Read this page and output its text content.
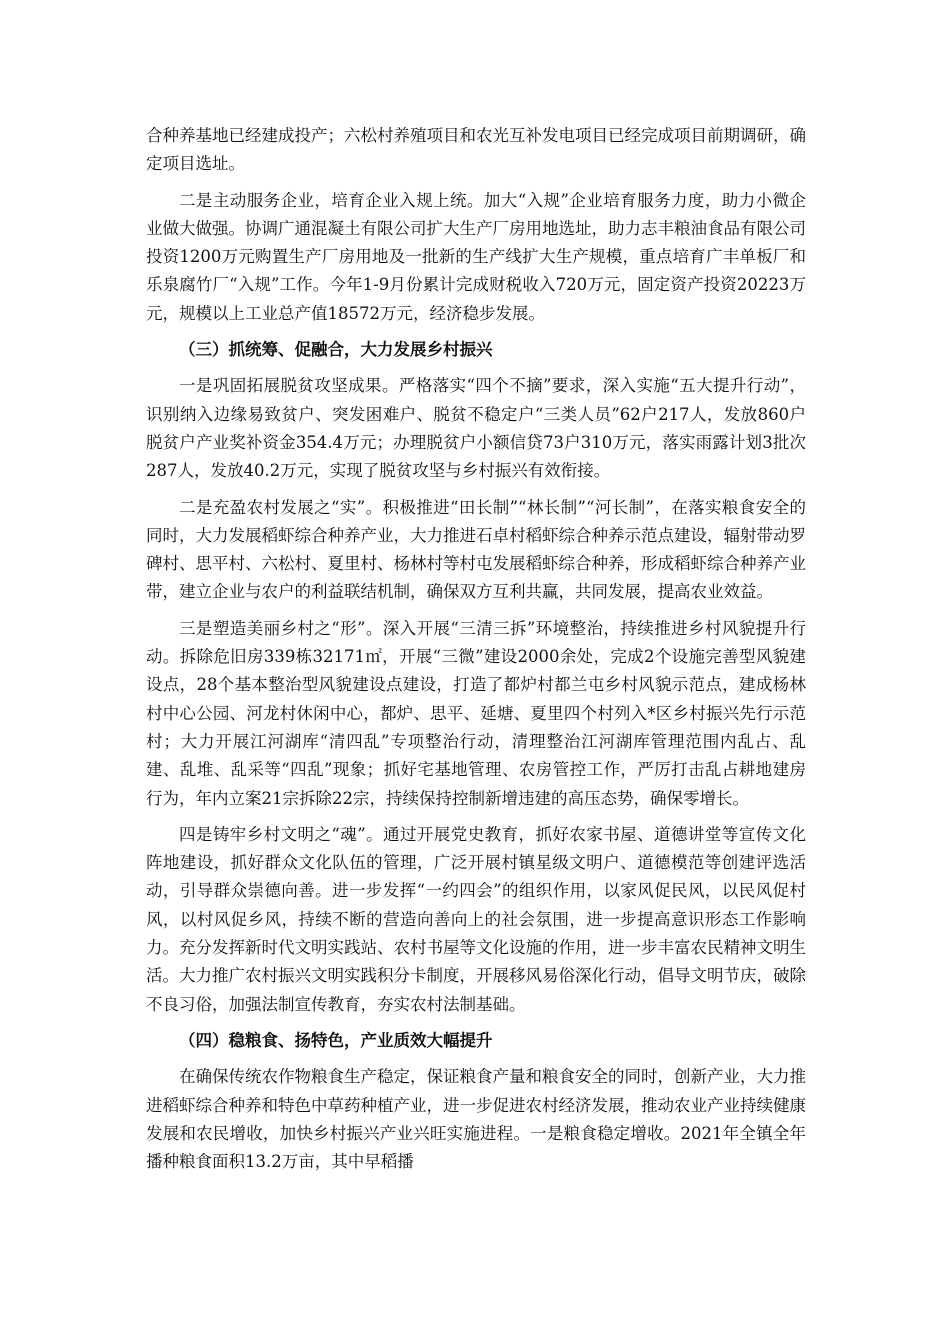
合种养基地已经建成投产；六松村养殖项目和农光互补发电项目已经完成项目前期调研，确定项目选址。

二是主动服务企业，培育企业入规上统。加大“入规”企业培育服务力度，助力小微企业做大做强。协调广通混凝土有限公司扩大生产厂房用地选址，助力志丰粮油食品有限公司投资1200万元购置生产厂房用地及一批新的生产线扩大生产规模，重点培育广丰单板厂和乐泉腐竹厂“入规”工作。今年1-9月份累计完成财税收入720万元，固定资产投资20223万元，规模以上工业总产值18572万元，经济稳步发展。

（三）抓统筹、促融合，大力发展乡村振兴

一是巩固拓展脱贫攻坚成果。严格落实“四个不摘”要求，深入实施“五大提升行动”，识别纳入边缘易致贫户、突发困难户、脱贫不稳定户“三类人员”62户217人，发放860户脱贫户产业奖补资金354.4万元；办理脱贫户小额信贷73户310万元，落实雨露计划3批次287人，发放40.2万元，实现了脱贫攻坚与乡村振兴有效衔接。

二是充盈农村发展之“实”。积极推进“田长制”“林长制”“河长制”，在落实粮食安全的同时，大力发展稻虾综合种养产业，大力推进石卓村稻虾综合种养示范点建设，辐射带动罗碑村、思平村、六松村、夏里村、杨林村等村屯发展稻虾综合种养，形成稻虾综合种养产业带，建立企业与农户的利益联结机制，确保双方互利共赢，共同发展，提高农业效益。

三是塑造美丽乡村之“形”。深入开展“三清三拆”环境整治，持续推进乡村风貌提升行动。拆除危旧房339栋32171㎡，开展“三微”建设2000余处，完成2个设施完善型风貌建设点，28个基本整治型风貌建设点建设，打造了都炉村都兰屯乡村风貌示范点，建成杨林村中心公园、河龙村休闲中心，都炉、思平、延塘、夏里四个村列入*区乡村振兴先行示范村；大力开展江河湖库“清四乱”专项整治行动，清理整治江河湖库管理范围内乱占、乱建、乱堆、乱采等“四乱”现象；抓好宅基地管理、农房管控工作，严厉打击乱占耕地建房行为，年内立案21宗拆除22宗，持续保持控制新增违建的高压态势，确保零增长。

四是铸牢乡村文明之“魂”。通过开展党史教育，抓好农家书屋、道德讲堂等宣传文化阵地建设，抓好群众文化队伍的管理，广泛开展村镇星级文明户、道德模范等创建评选活动，引导群众崇德向善。进一步发挥“一约四会”的组织作用，以家风促民风，以民风促村风，以村风促乡风，持续不断的营造向善向上的社会氛围，进一步提高意识形态工作影响力。充分发挥新时代文明实践站、农村书屋等文化设施的作用，进一步丰富农民精神文明生活。大力推广农村振兴文明实践积分卡制度，开展移风易俗深化行动，倡导文明节庆，破除不良习俗，加强法制宣传教育，夯实农村法制基础。

（四）稳粮食、扬特色，产业质效大幅提升

在确保传统农作物粮食生产稳定，保证粮食产量和粮食安全的同时，创新产业，大力推进稻虾综合种养和特色中草药种植产业，进一步促进农村经济发展，推动农业产业持续健康发展和农民增收，加快乡村振兴产业兴旺实施进程。一是粮食稳定增收。2021年全镇全年播种粮食面积13.2万亩，其中早稻播
